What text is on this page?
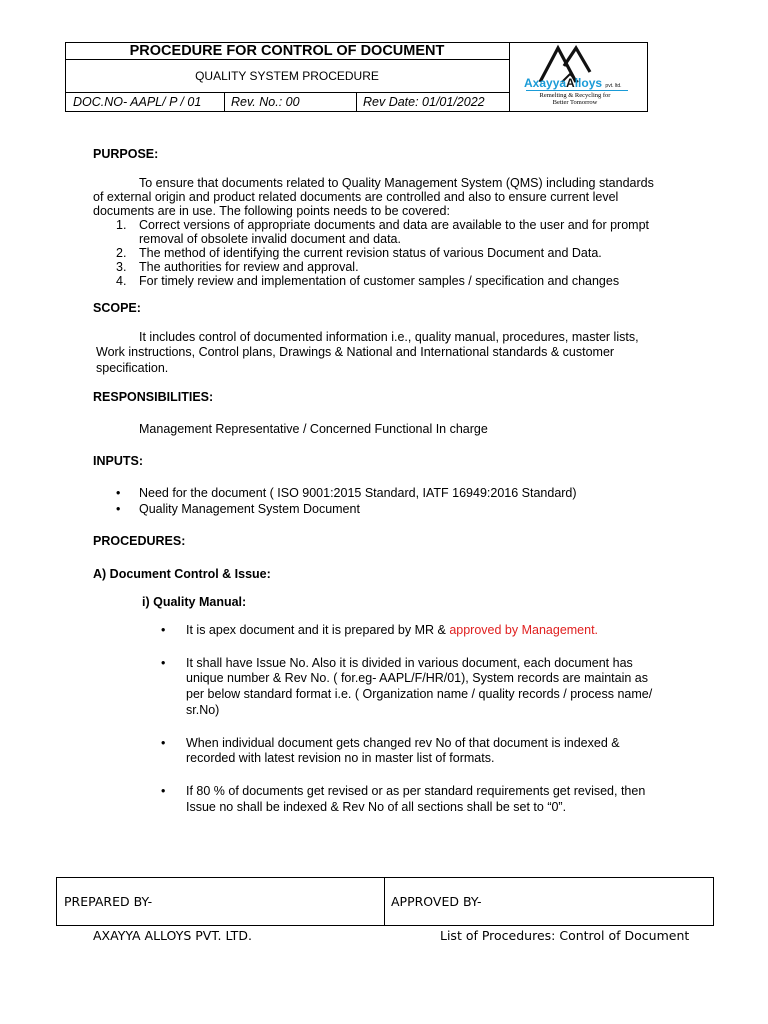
PROCEDURE FOR CONTROL OF DOCUMENT
QUALITY SYSTEM PROCEDURE
DOC.NO- AAPL/ P / 01 Rev. No.: 00	Rev Date: 01/01/2022
AxayyaAlloys pvt. ltd.
Remelting & Recycling for
Better Tomorrow
PURPOSE:
To ensure that documents related to Quality Management System (QMS) including standards
of external origin and product related documents are controlled and also to ensure current level
documents are in use. The following points needs to be covered:
1. Correct versions of appropriate documents and data are available to the user and for prompt
removal of obsolete invalid document and data.
2. The method of identifying the current revision status of various Document and Data.
3. The authorities for review and approval.
4. For timely review and implementation of customer samples / specification and changes
SCOPE:
It includes control of documented information i.e., quality manual, procedures, master lists,
Work instructions, Control plans, Drawings & National and International standards & customer
specification.
RESPONSIBILITIES:
Management Representative / Concerned Functional In charge
INPUTS:
• Need for the document ( ISO 9001:2015 Standard, IATF 16949:2016 Standard)
• Quality Management System Document
PROCEDURES:
A) Document Control & Issue:
i) Quality Manual:
• It is apex document and it is prepared by MR & approved by Management.
• It shall have Issue No. Also it is divided in various document, each document has
unique number & Rev No. ( for.eg- AAPL/F/HR/01), System records are maintain as
per below standard format i.e. ( Organization name / quality records / process name/
sr.No)
• When individual document gets changed rev No of that document is indexed &
recorded with latest revision no in master list of formats.
• If 80 % of documents get revised or as per standard requirements get revised, then
Issue no shall be indexed & Rev No of all sections shall be set to “0”.
PREPARED BY-	APPROVED BY-
AXAYYA ALLOYS PVT. LTD.	List of Procedures: Control of Document
